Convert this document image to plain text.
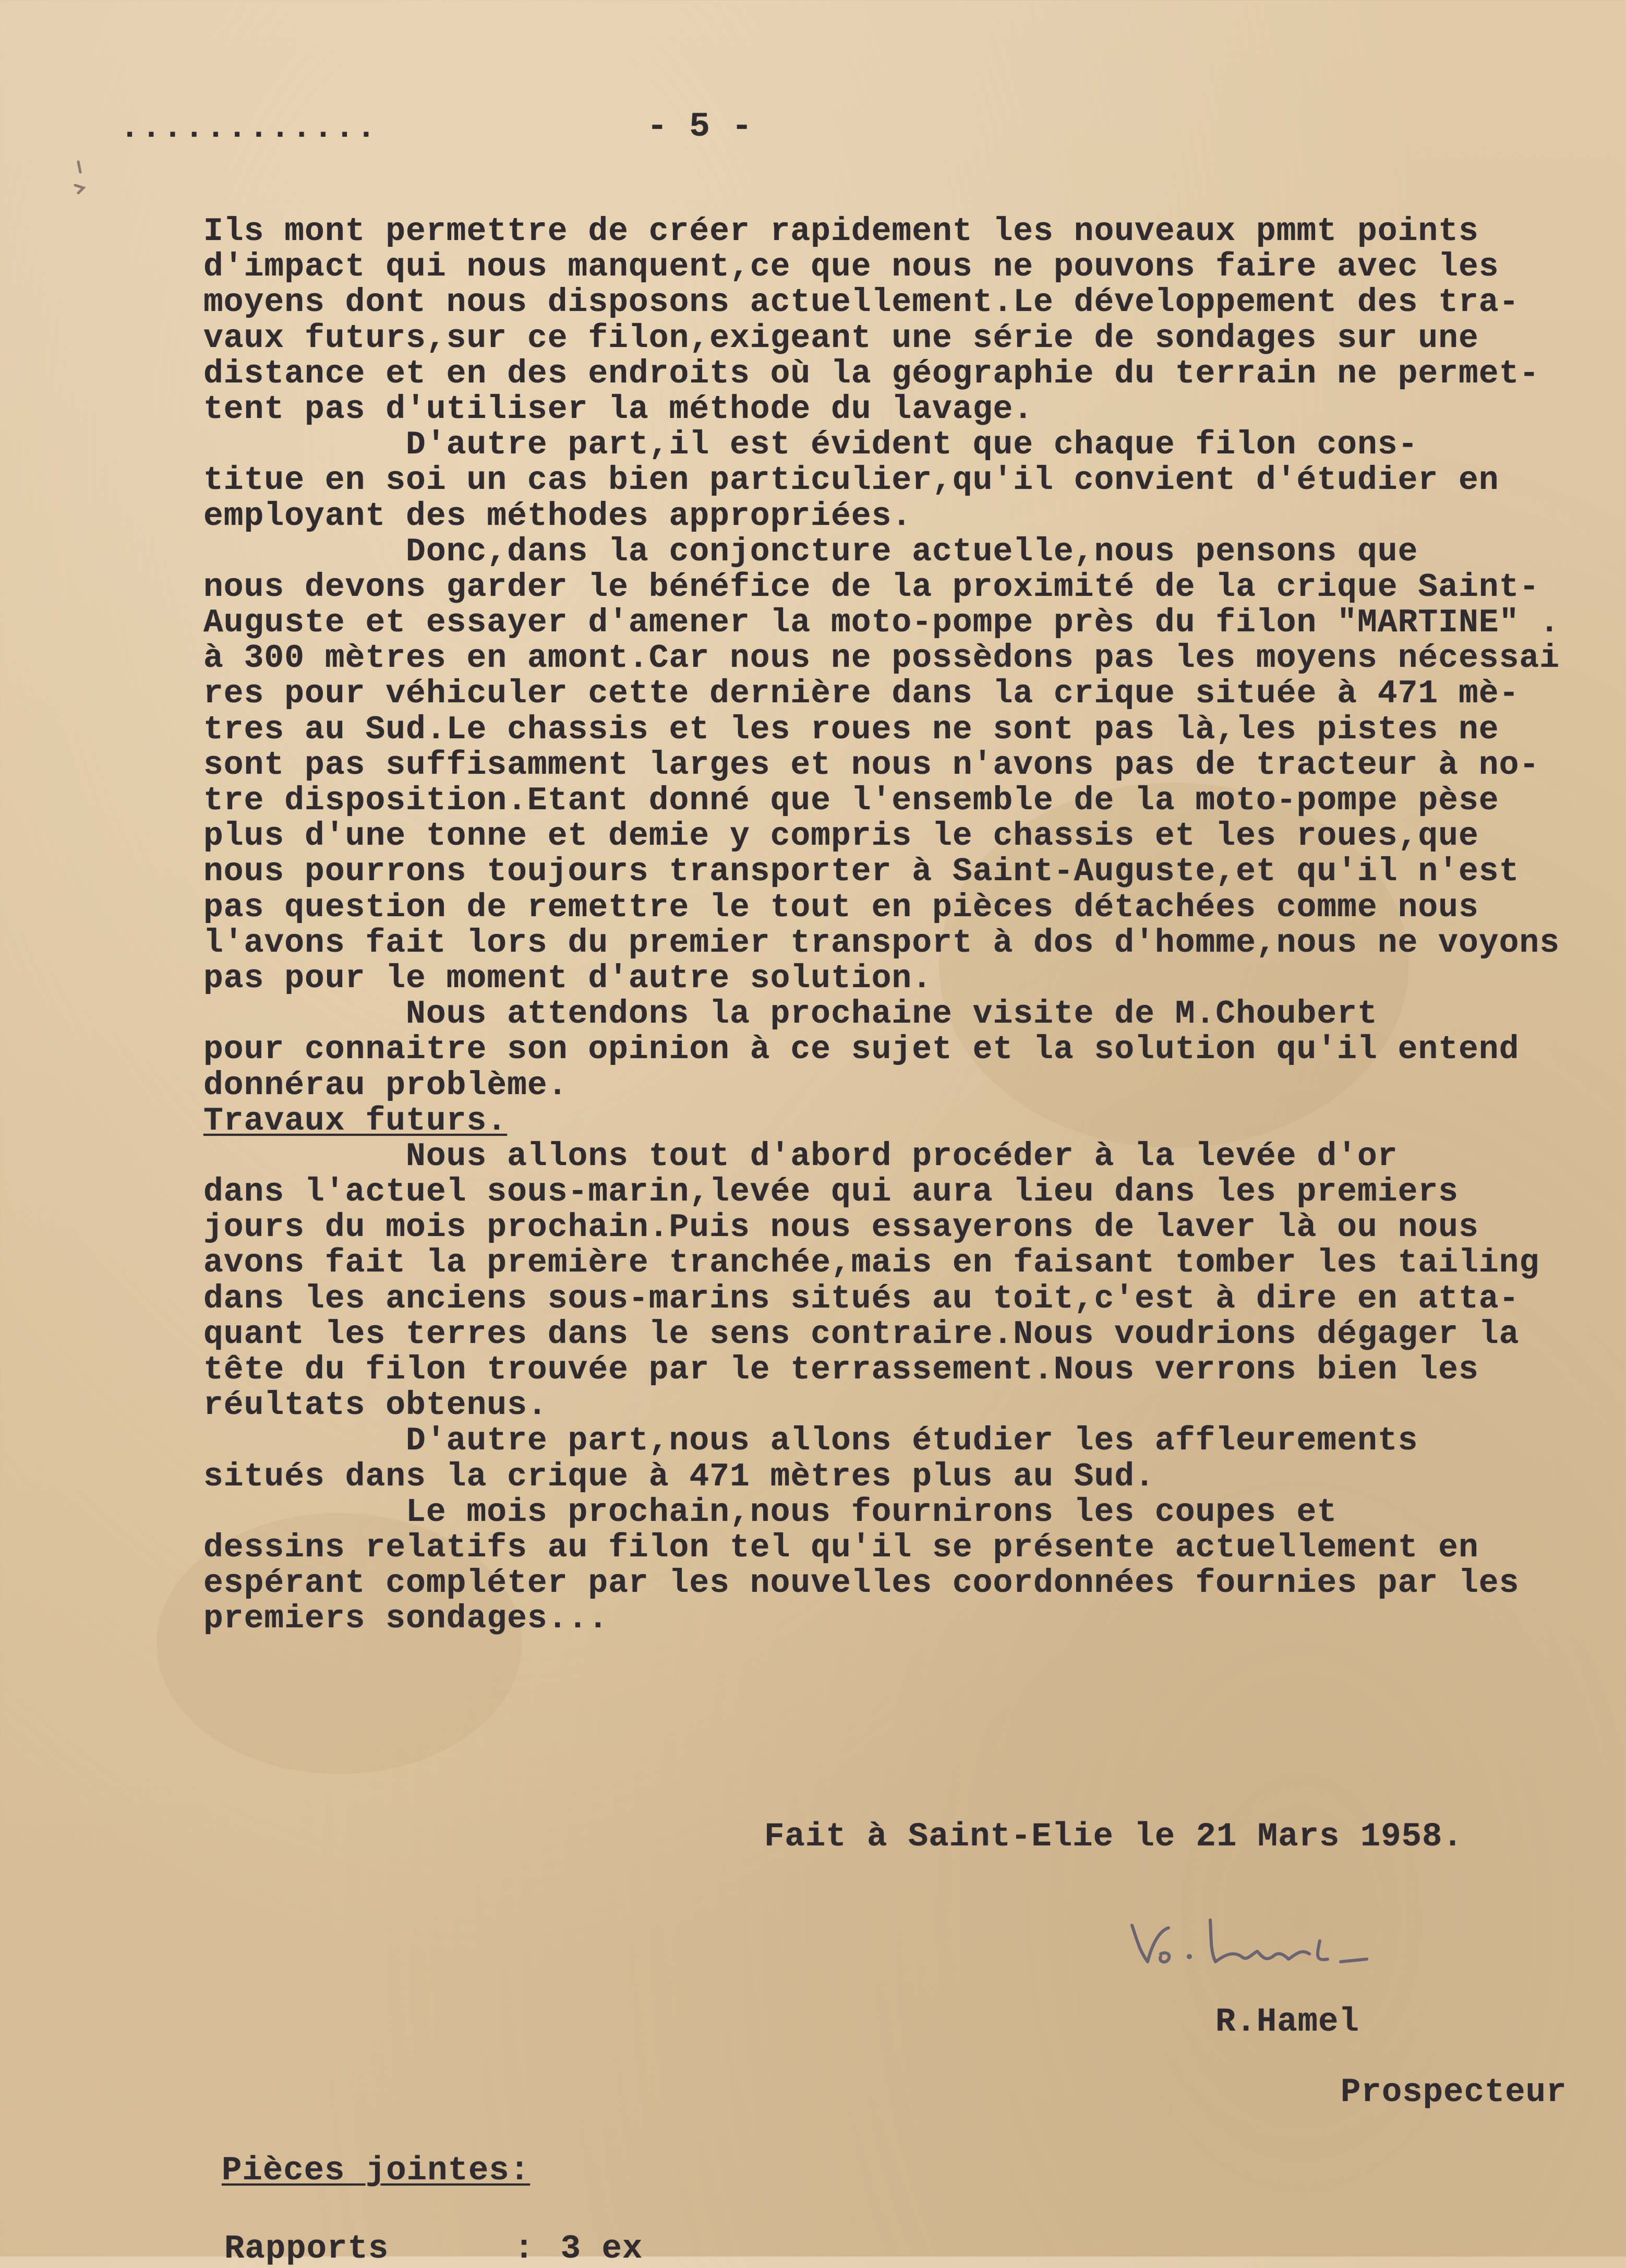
............	- 5 -
Ils mont permettre de créer rapidement les nouveaux pmmt points
d'impact qui nous manquent,ce que nous ne pouvons faire avec les
moyens dont nous disposons actuellement.Le développement des tra-
vaux futurs,sur ce filon,exigeant une série de sondages sur une
distance et en des endroits où la géographie du terrain ne permet-
tent pas d'utiliser la méthode du lavage.
D'autre part,il est évident que chaque filon cons-
titue en soi un cas bien particulier,qu'il convient d'étudier en
employant des méthodes appropriées.
Donc,dans la conjoncture actuelle,nous pensons que
nous devons garder le bénéfice de la proximité de la crique Saint-
Auguste et essayer d'amener la moto-pompe près du filon "MARTINE" .
à 300 mètres en amont.Car nous ne possèdons pas les moyens nécessai
res pour véhiculer cette dernière dans la crique située à 471 mè-
tres au Sud.Le chassis et les roues ne sont pas là,les pistes ne
sont pas suffisamment larges et nous n'avons pas de tracteur à no-
tre disposition.Etant donné que l'ensemble de la moto-pompe pèse
plus d'une tonne et demie y compris le chassis et les roues,que
nous pourrons toujours transporter à Saint-Auguste,et qu'il n'est
pas question de remettre le tout en pièces détachées comme nous
l'avons fait lors du premier transport à dos d'homme,nous ne voyons
pas pour le moment d'autre solution.
Nous attendons la prochaine visite de M.Choubert
pour connaitre son opinion à ce sujet et la solution qu'il entend
donnérau problème.
Travaux futurs.
Nous allons tout d'abord procéder à la levée d'or
dans l'actuel sous-marin,levée qui aura lieu dans les premiers
jours du mois prochain.Puis nous essayerons de laver là ou nous
avons fait la première tranchée,mais en faisant tomber les tailing
dans les anciens sous-marins situés au toit,c'est à dire en atta-
quant les terres dans le sens contraire.Nous voudrions dégager la
tête du filon trouvée par le terrassement.Nous verrons bien les
réultats obtenus.
D'autre part,nous allons étudier les affleurements
situés dans la crique à 471 mètres plus au Sud.
Le mois prochain,nous fournirons les coupes et
dessins relatifs au filon tel qu'il se présente actuellement en
espérant compléter par les nouvelles coordonnées fournies par les
premiers sondages...
Fait à Saint-Elie le 21 Mars 1958.
R.Hamel
Prospecteur
Pièces jointes:
Rapports	: 3 ex
